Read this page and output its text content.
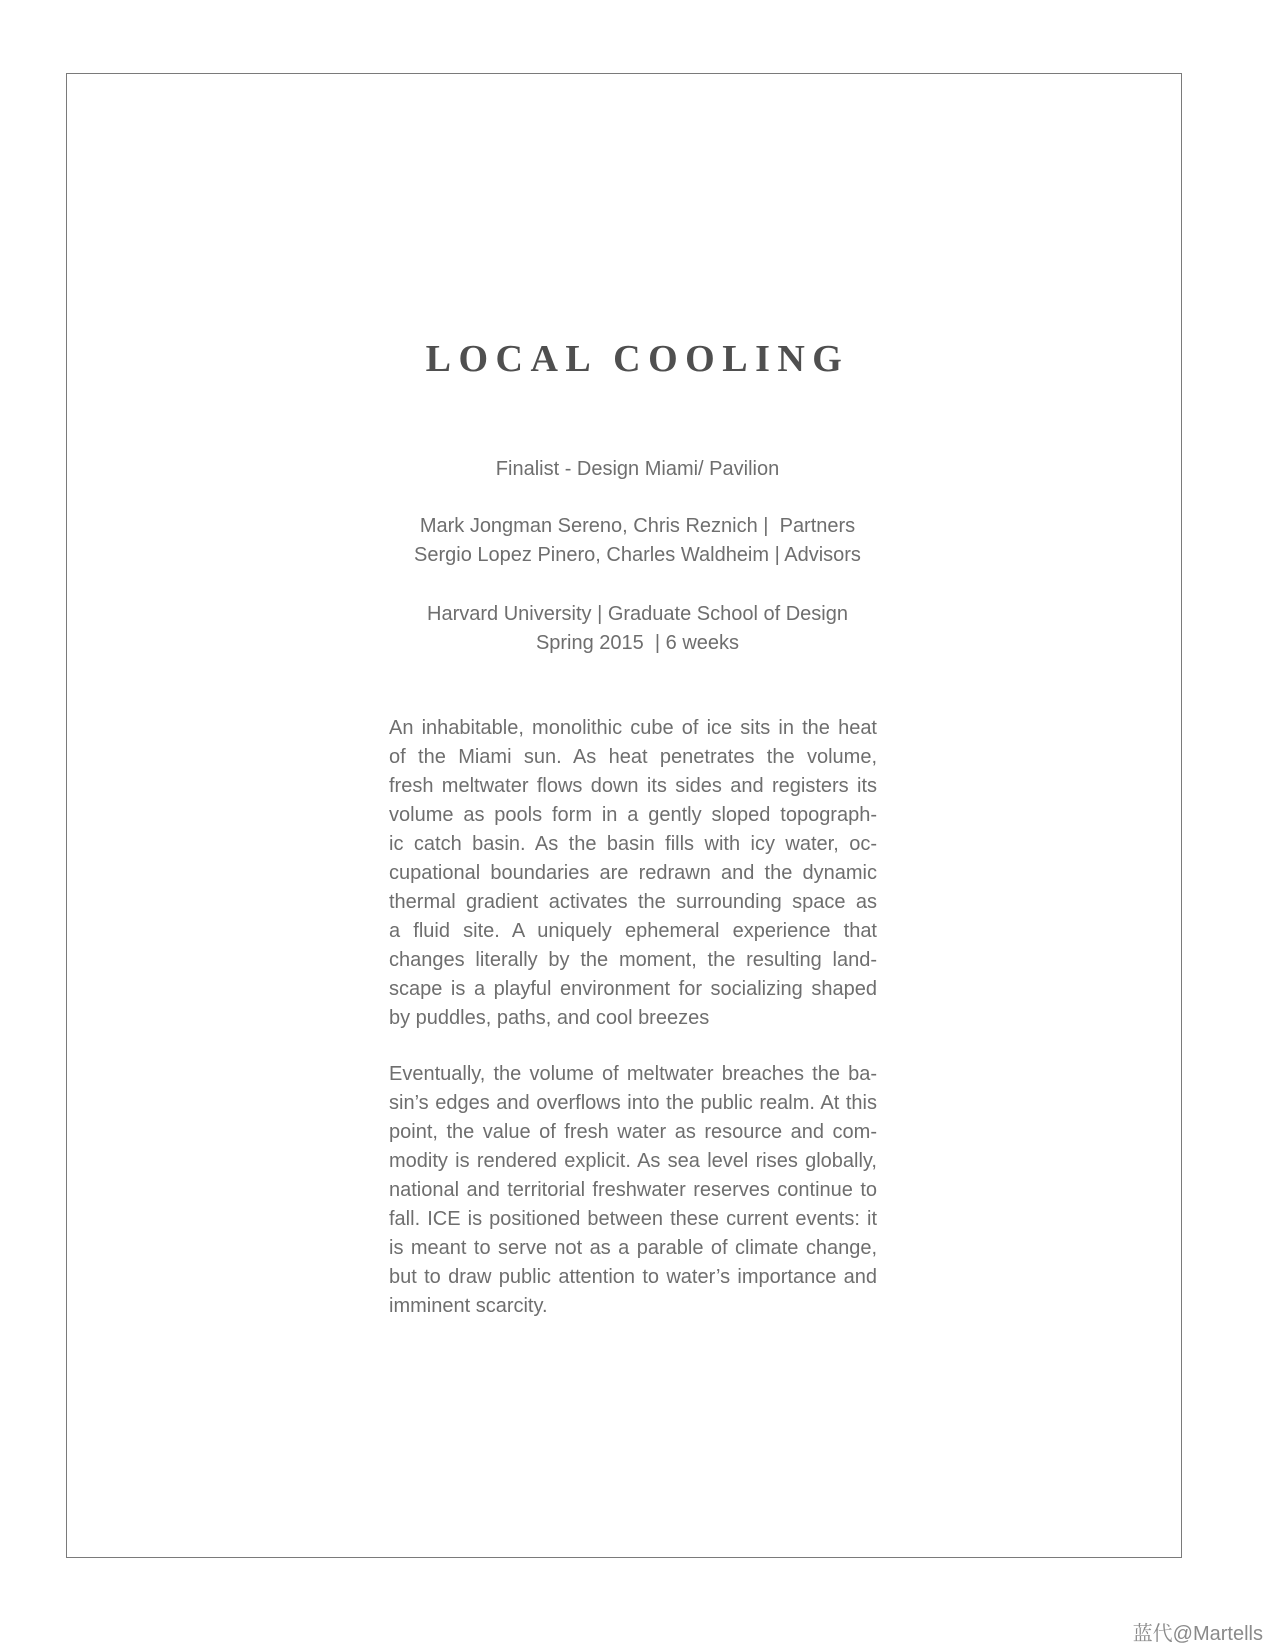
LOCAL COOLING
Finalist - Design Miami/ Pavilion
Mark Jongman Sereno, Chris Reznich |  Partners
Sergio Lopez Pinero, Charles Waldheim | Advisors
Harvard University | Graduate School of Design
Spring 2015  | 6 weeks
An inhabitable, monolithic cube of ice sits in the heat
of the Miami sun. As heat penetrates the volume,
fresh meltwater flows down its sides and registers its
volume as pools form in a gently sloped topograph-
ic catch basin. As the basin fills with icy water, oc-
cupational boundaries are redrawn and the dynamic
thermal gradient activates the surrounding space as
a fluid site. A uniquely ephemeral experience that
changes literally by the moment, the resulting land-
scape is a playful environment for socializing shaped
by puddles, paths, and cool breezes
Eventually, the volume of meltwater breaches the ba-
sin’s edges and overflows into the public realm. At this
point, the value of fresh water as resource and com-
modity is rendered explicit. As sea level rises globally,
national and territorial freshwater reserves continue to
fall. ICE is positioned between these current events: it
is meant to serve not as a parable of climate change,
but to draw public attention to water’s importance and
imminent scarcity.
蓝代@Martells
